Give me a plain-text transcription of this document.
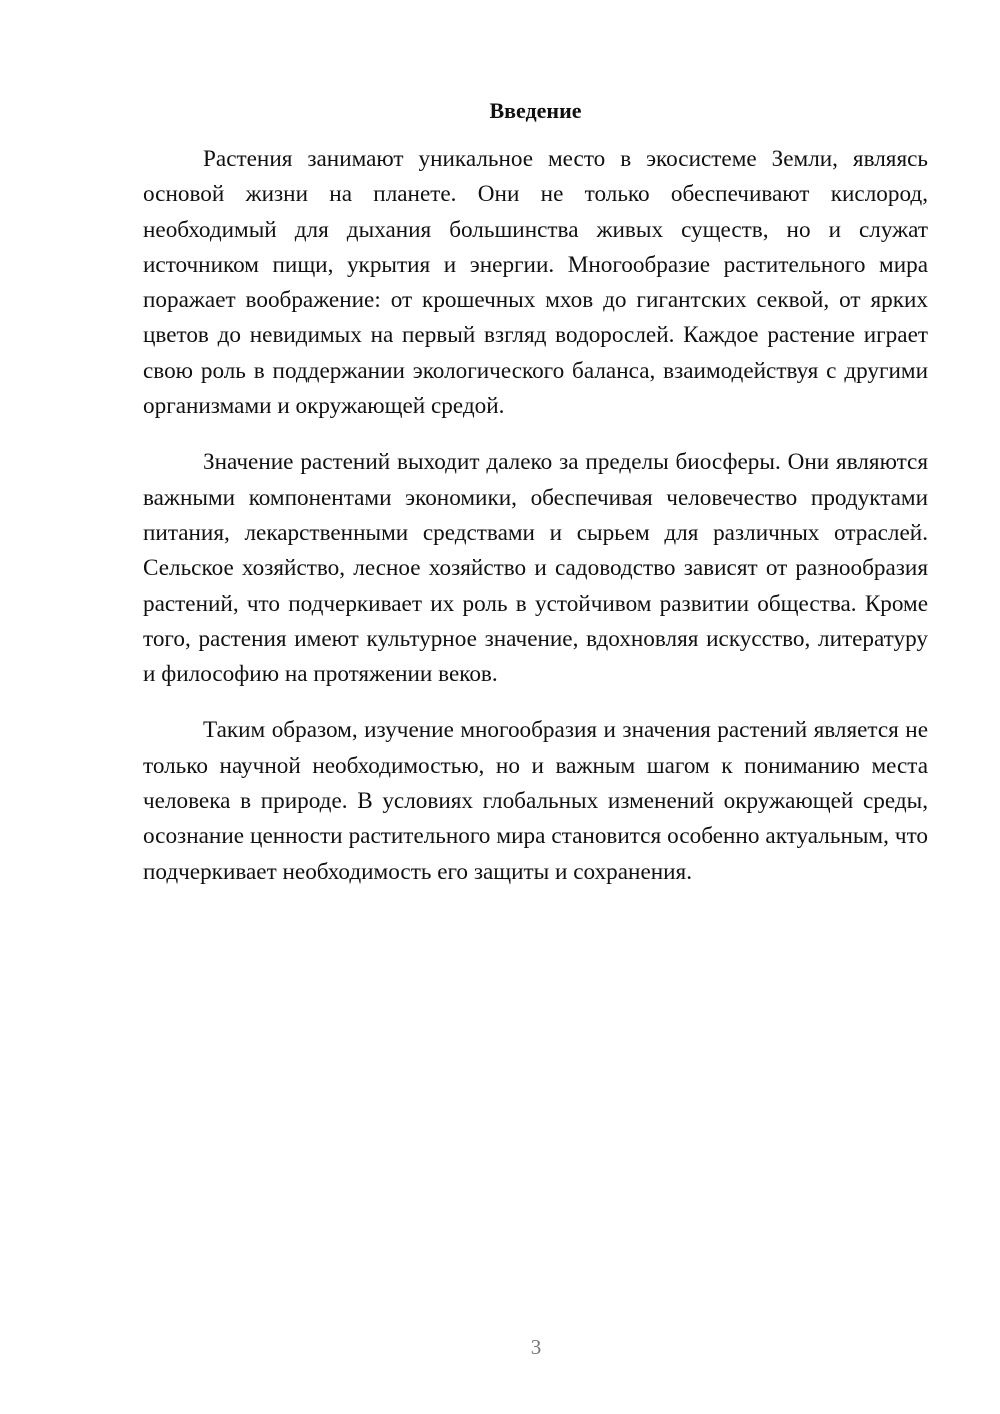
Введение

Растения занимают уникальное место в экосистеме Земли, являясь основой жизни на планете. Они не только обеспечивают кислород, необходимый для дыхания большинства живых существ, но и служат источником пищи, укрытия и энергии. Многообразие растительного мира поражает воображение: от крошечных мхов до гигантских секвой, от ярких цветов до невидимых на первый взгляд водорослей. Каждое растение играет свою роль в поддержании экологического баланса, взаимодействуя с другими организмами и окружающей средой.

Значение растений выходит далеко за пределы биосферы. Они являются важными компонентами экономики, обеспечивая человечество продуктами питания, лекарственными средствами и сырьем для различных отраслей. Сельское хозяйство, лесное хозяйство и садоводство зависят от разнообразия растений, что подчеркивает их роль в устойчивом развитии общества. Кроме того, растения имеют культурное значение, вдохновляя искусство, литературу и философию на протяжении веков.

Таким образом, изучение многообразия и значения растений является не только научной необходимостью, но и важным шагом к пониманию места человека в природе. В условиях глобальных изменений окружающей среды, осознание ценности растительного мира становится особенно актуальным, что подчеркивает необходимость его защиты и сохранения.

3
